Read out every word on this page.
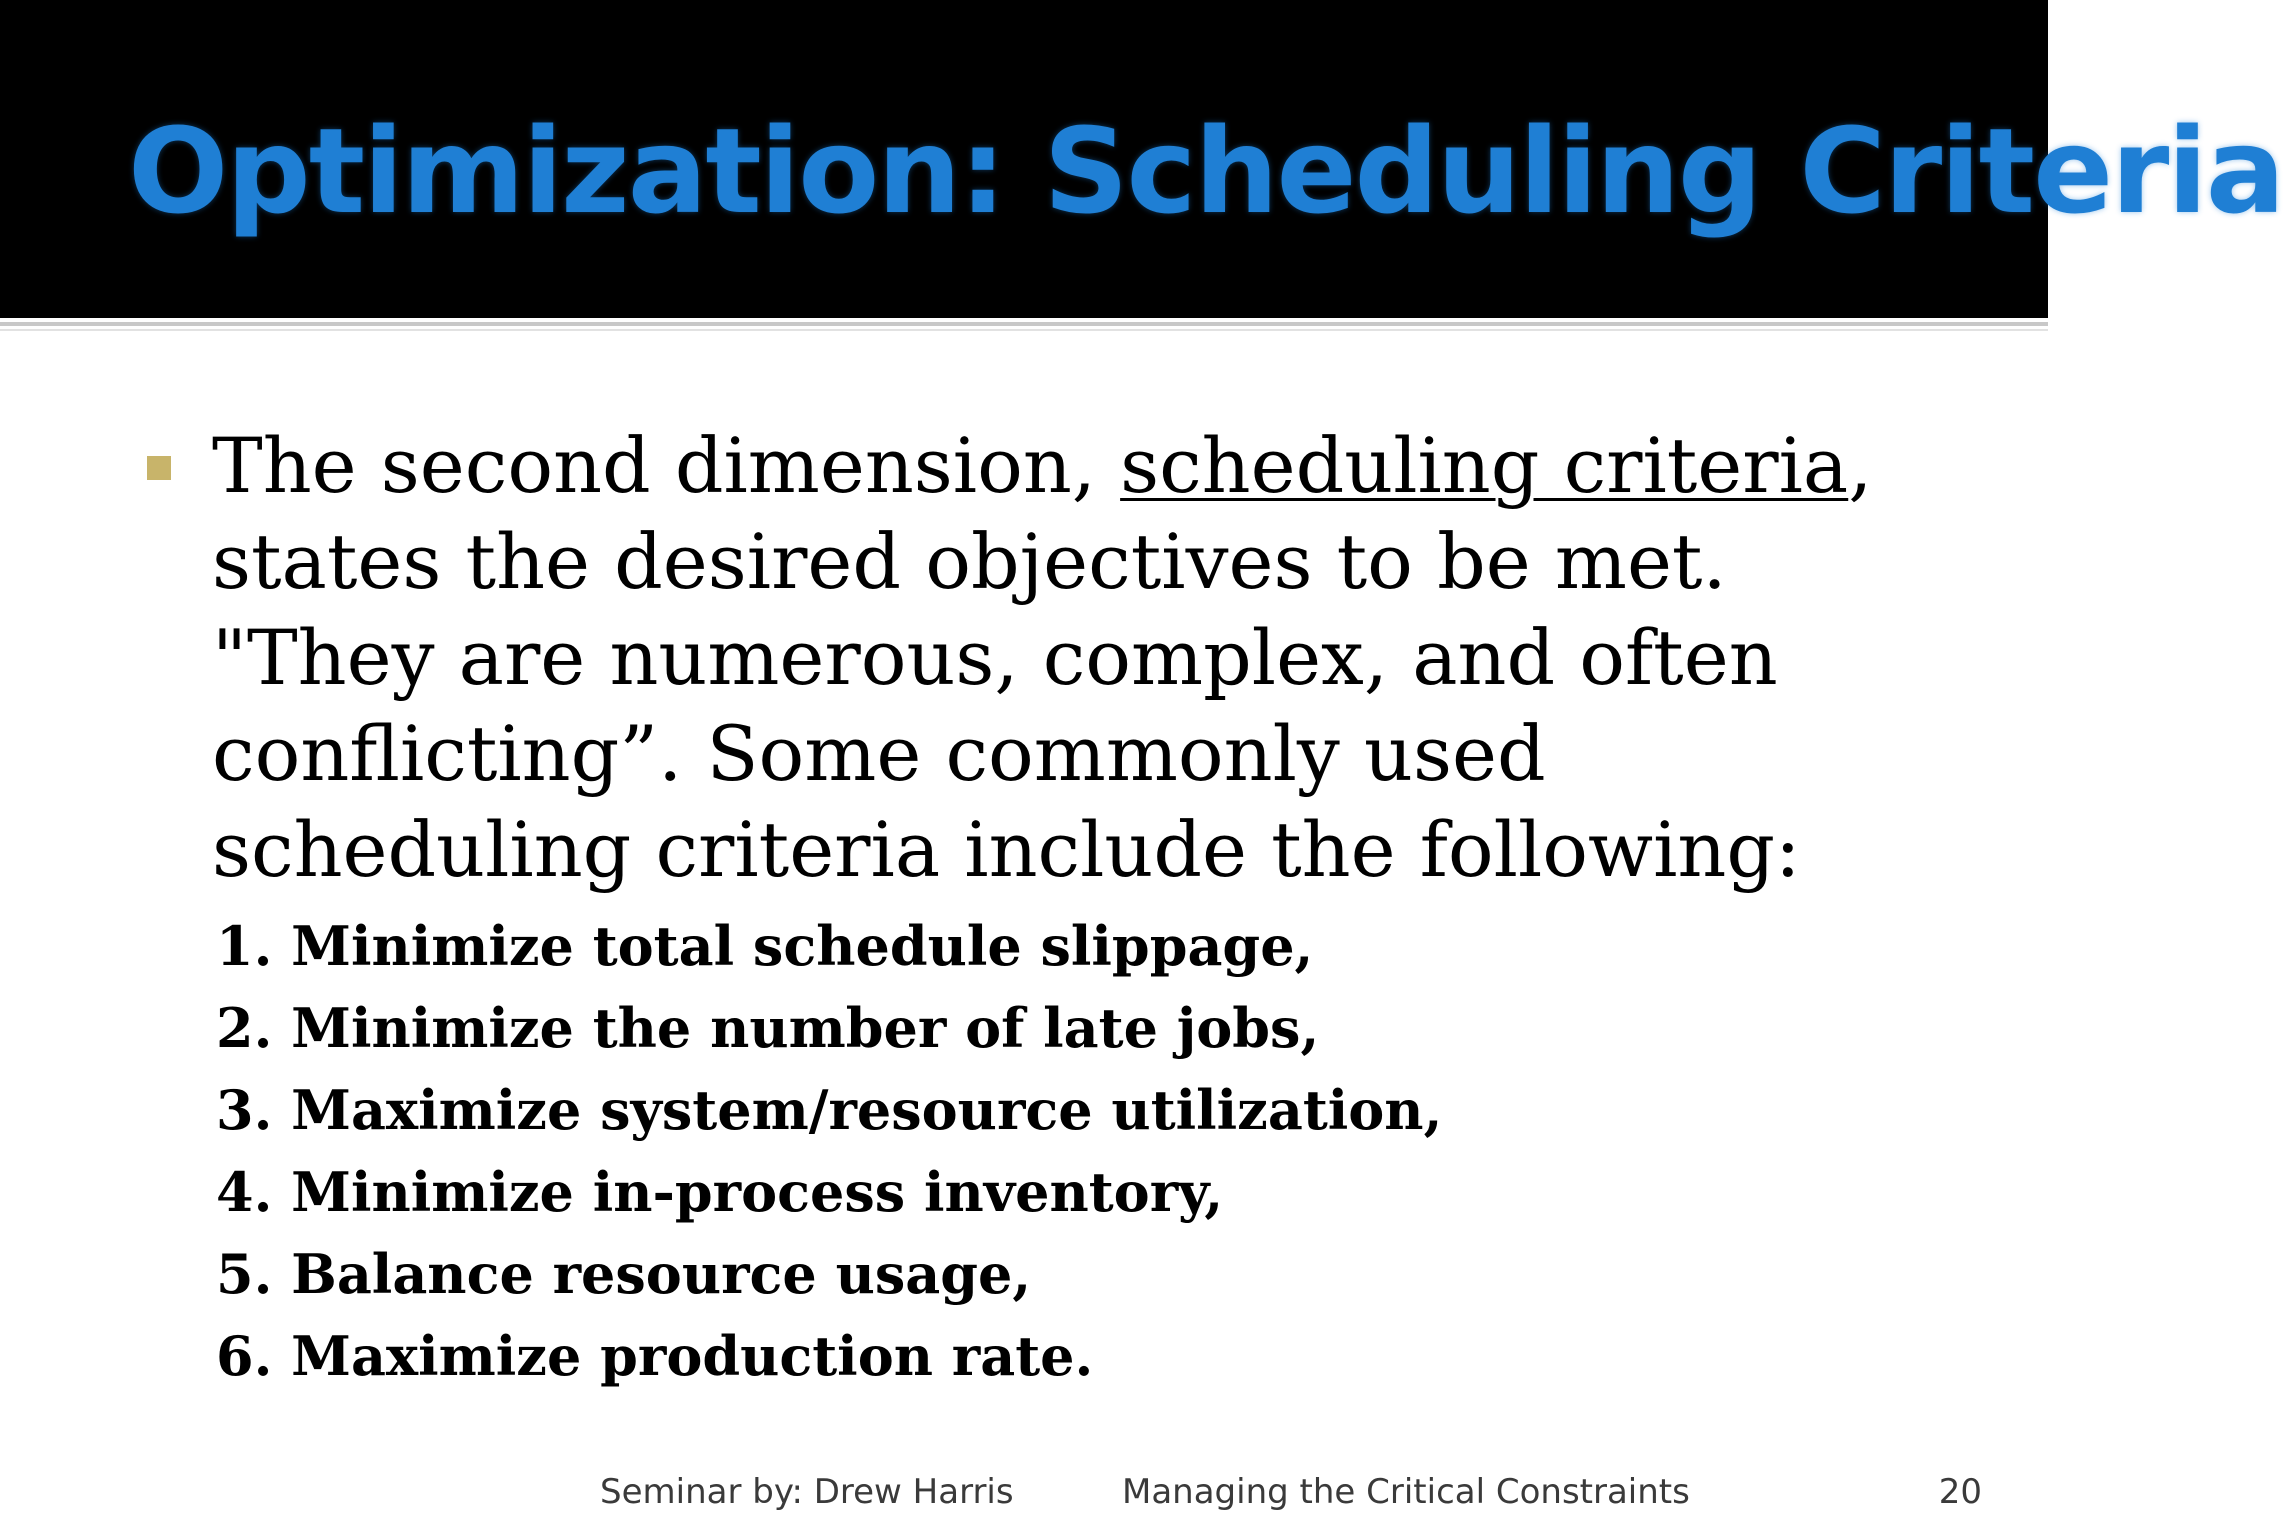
Optimization: Scheduling Criteria

The second dimension, scheduling criteria, states the desired objectives to be met. "They are numerous, complex, and often conflicting”. Some commonly used scheduling criteria include the following:

1. Minimize total schedule slippage,
2. Minimize the number of late jobs,
3. Maximize system/resource utilization,
4. Minimize in-process inventory,
5. Balance resource usage,
6. Maximize production rate.
Seminar by: Drew Harris	Managing the Critical Constraints	20
